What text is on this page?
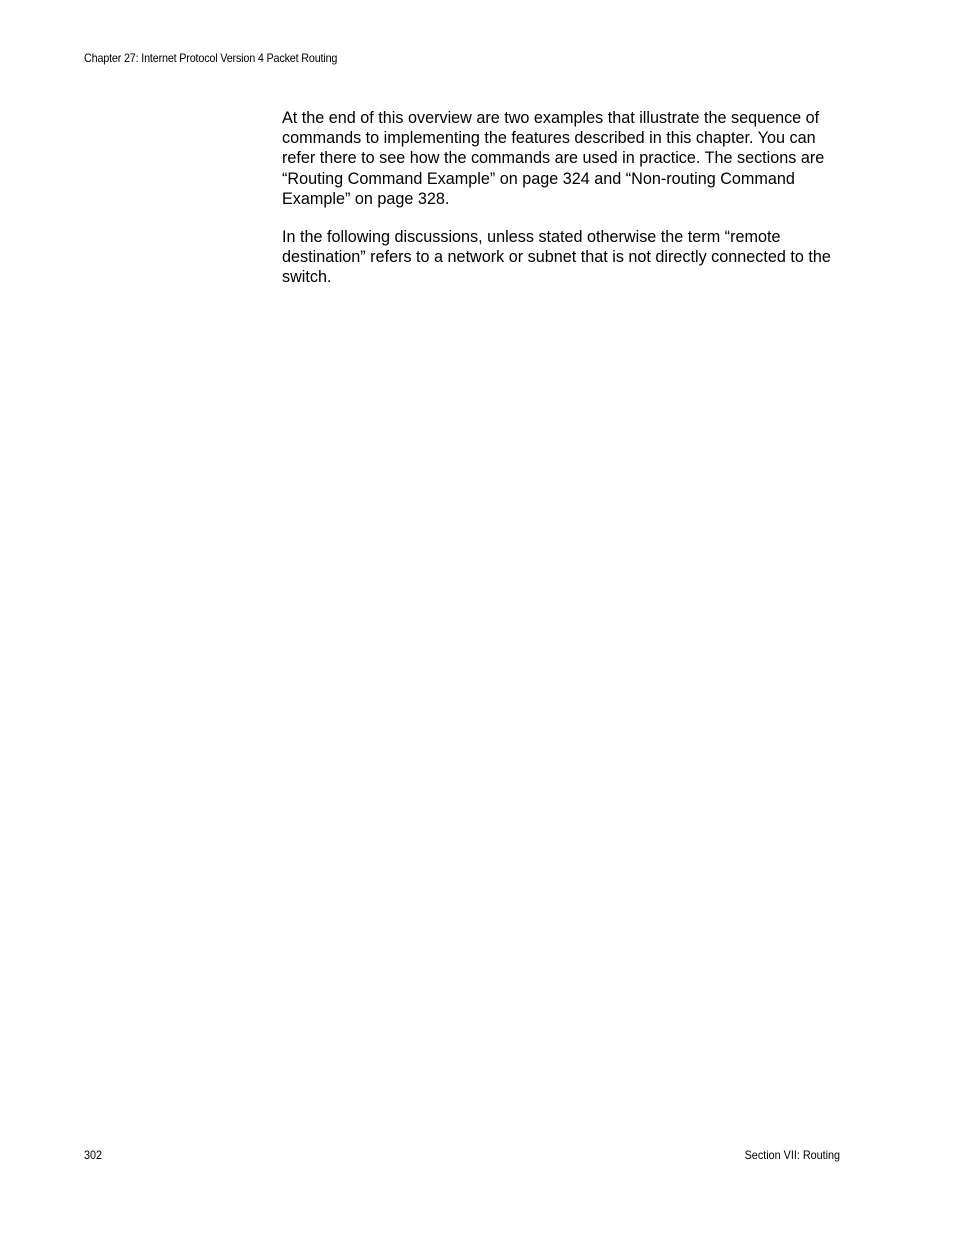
Chapter 27: Internet Protocol Version 4 Packet Routing

At the end of this overview are two examples that illustrate the sequence of commands to implementing the features described in this chapter. You can refer there to see how the commands are used in practice. The sections are “Routing Command Example” on page 324 and “Non-routing Command Example” on page 328.

In the following discussions, unless stated otherwise the term “remote destination” refers to a network or subnet that is not directly connected to the switch.

302	Section VII: Routing
